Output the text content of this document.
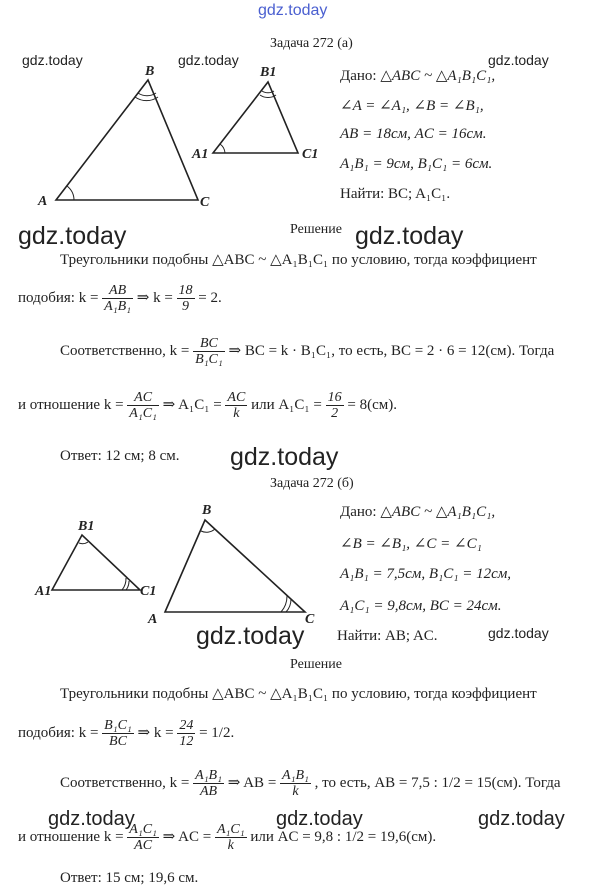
gdz.today
Задача 272 (а)
gdz.today	gdz.today	gdz.today
B
A	C
B1
A1	C1
Дано: △ABC ~ △A₁B₁C₁,
∠A = ∠A₁, ∠B = ∠B₁,
AB = 18см, AC = 16см.
A₁B₁ = 9см, B₁C₁ = 6см.
Найти: BC; A₁C₁.
gdz.today	Решение gdz.today
Треугольники подобны △ABC ~ △A₁B₁C₁ по условию, тогда коэффициент
подобия: $k = \frac{AB}{\text{A₁B₁}}$ ⇒ $k = \frac{18}{9} = 2$.
Соответственно, $k = \frac{BC}{\text{B₁C₁}}$ ⇒ BC = k · B₁C₁, то есть, BC = 2 · 6 = 12(см). Тогда
и отношение $k = \frac{AC}{\text{A₁C₁}}$ ⇒ $A_1C_1 = \frac{AC}{k}$ или $A_1C_1 = \frac{16}{2} = 8(см)$.
Ответ: 12 см; 8 см. gdz.today
Задача 272 (б)
B1
A1	C1
B
A	C
Дано: △ABC ~ △A₁B₁C₁,
∠B = ∠B₁, ∠C = ∠C₁
A₁B₁ = 7,5см, B₁C₁ = 12см,
A₁C₁ = 9,8см, BC = 24см.
gdz.today Найти: AB; AC.	gdz.today
Решение
Треугольники подобны △ABC ~ △A₁B₁C₁ по условию, тогда коэффициент
подобия: $k = \frac{\text{B₁C₁}}{BC}$ ⇒ $k = \frac{24}{12} = 1/2$.
Соответственно, $k = \frac{\text{A₁B₁}}{AB}$ ⇒ AB = $\frac{\text{A₁B₁}}{k}$ , то есть, AB = 7,5 : 1/2 = 15(см). Тогда
gdz.today	gdz.today	gdz.today
и отношение $k = \frac{\text{A₁C₁}}{AC}$ ⇒ AC = $\frac{\text{A₁C₁}}{k}$ или AC = 9,8 : 1/2 = 19,6(см).
Ответ: 15 см; 19,6 см.
